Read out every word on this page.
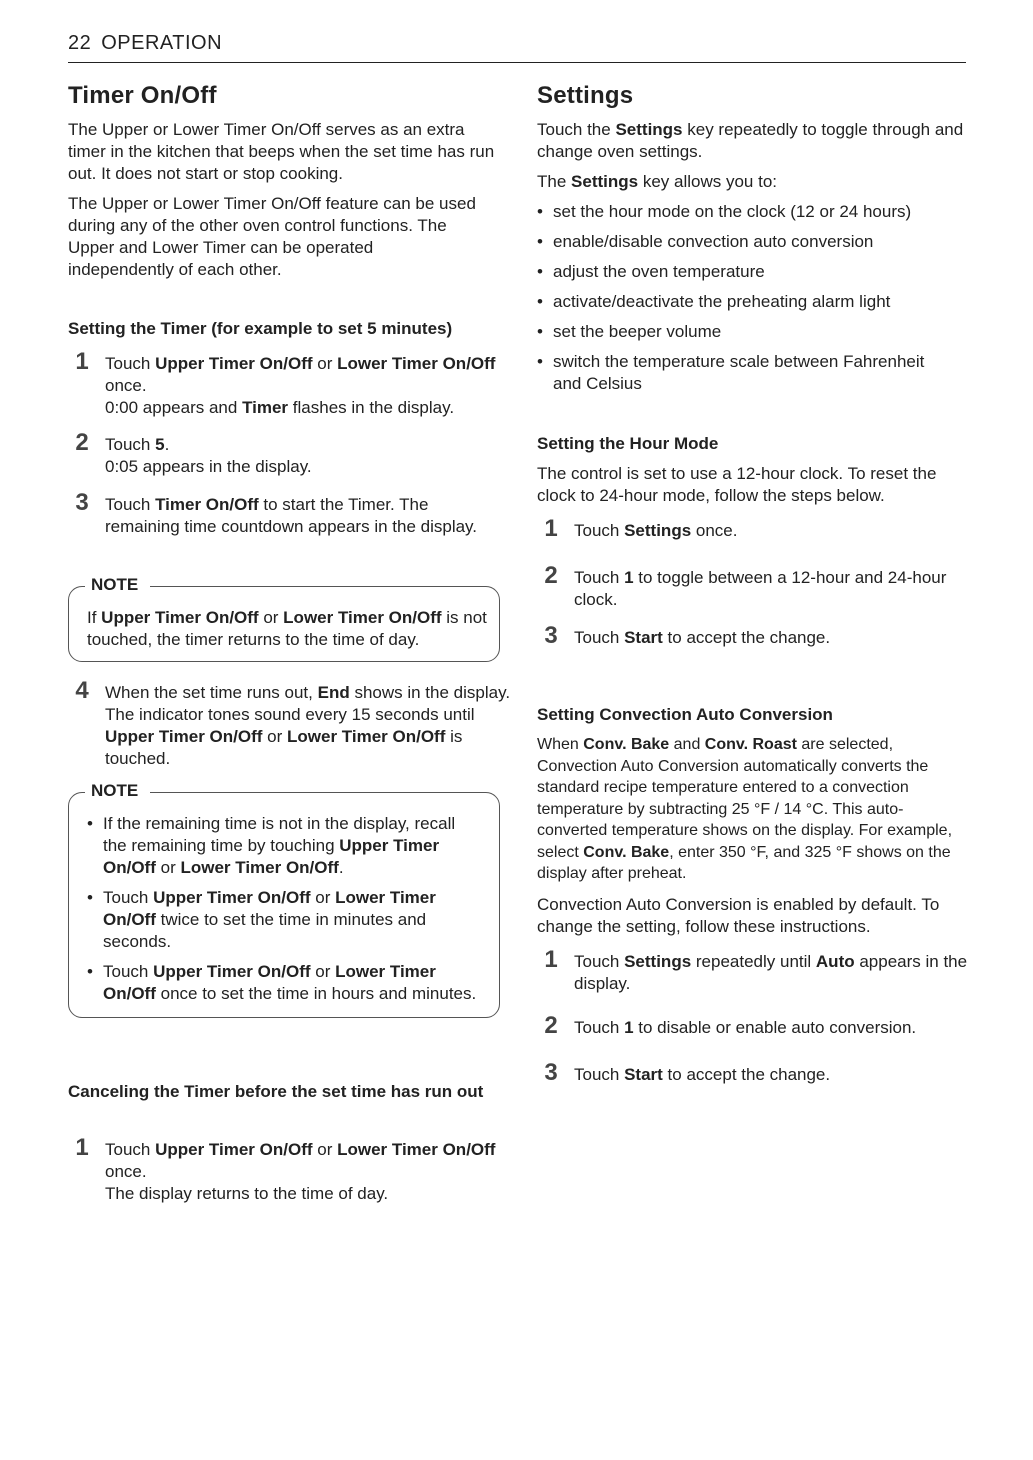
22 OPERATION
Timer On/Off

The Upper or Lower Timer On/Off serves as an extra timer in the kitchen that beeps when the set time has run out. It does not start or stop cooking.

The Upper or Lower Timer On/Off feature can be used during any of the other oven control functions. The Upper and Lower Timer can be operated independently of each other.

Setting the Timer (for example to set 5 minutes)
1 Touch Upper Timer On/Off or Lower Timer On/Off once.
0:00 appears and Timer flashes in the display.
2 Touch 5.
0:05 appears in the display.
3 Touch Timer On/Off to start the Timer. The remaining time countdown appears in the display.
NOTE

If Upper Timer On/Off or Lower Timer On/Off is not touched, the timer returns to the time of day.

4 When the set time runs out, End shows in the display. The indicator tones sound every 15 seconds until Upper Timer On/Off or Lower Timer On/Off is touched.
NOTE
• If the remaining time is not in the display, recall the remaining time by touching Upper Timer On/Off or Lower Timer On/Off.
• Touch Upper Timer On/Off or Lower Timer On/Off twice to set the time in minutes and seconds.
• Touch Upper Timer On/Off or Lower Timer On/Off once to set the time in hours and minutes.
Canceling the Timer before the set time has run out
1 Touch Upper Timer On/Off or Lower Timer On/Off once.
The display returns to the time of day.
Settings

Touch the Settings key repeatedly to toggle through and change oven settings.

The Settings key allows you to:

• set the hour mode on the clock (12 or 24 hours)
• enable/disable convection auto conversion
• adjust the oven temperature
• activate/deactivate the preheating alarm light
• set the beeper volume
• switch the temperature scale between Fahrenheit and Celsius
Setting the Hour Mode

The control is set to use a 12-hour clock. To reset the clock to 24-hour mode, follow the steps below.

1 Touch Settings once.
2 Touch 1 to toggle between a 12-hour and 24-hour clock.
3 Touch Start to accept the change.
Setting Convection Auto Conversion

When Conv. Bake and Conv. Roast are selected, Convection Auto Conversion automatically converts the standard recipe temperature entered to a convection temperature by subtracting 25 °F / 14 °C. This auto-converted temperature shows on the display. For example, select Conv. Bake, enter 350 °F, and 325 °F shows on the display after preheat.

Convection Auto Conversion is enabled by default. To change the setting, follow these instructions.

1 Touch Settings repeatedly until Auto appears in the display.
2 Touch 1 to disable or enable auto conversion.
3 Touch Start to accept the change.
